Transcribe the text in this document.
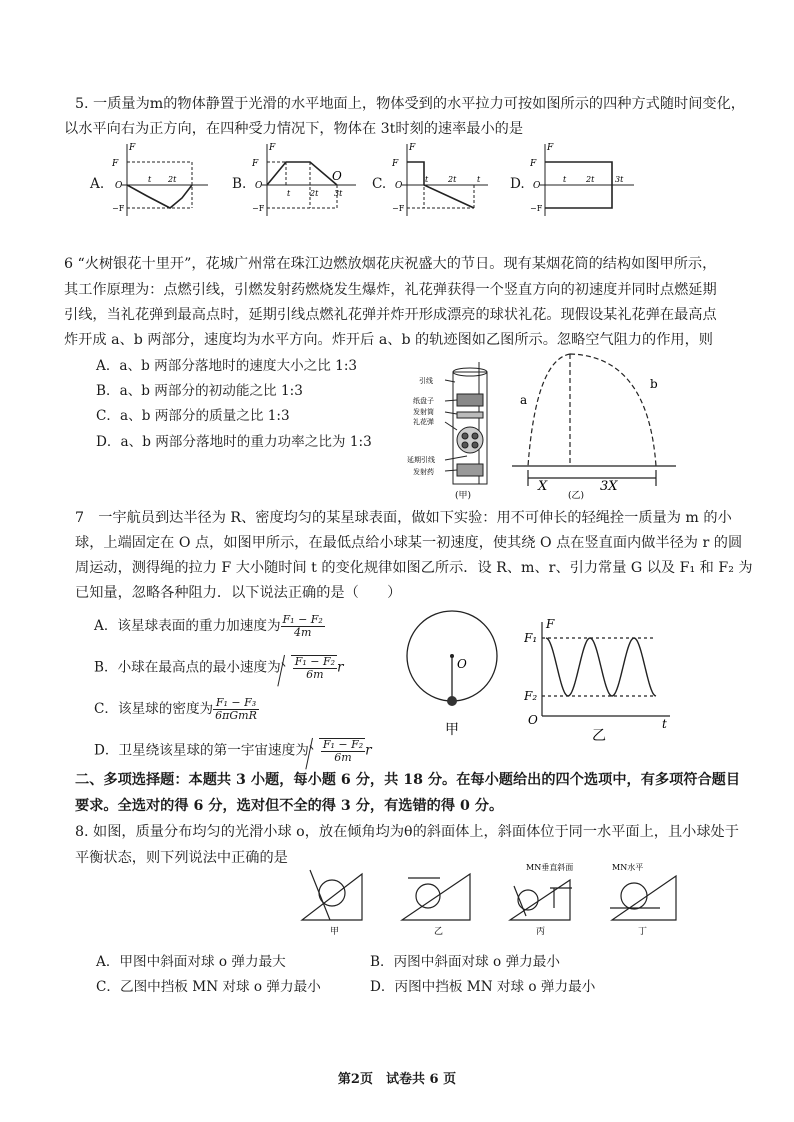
5. 一质量为m的物体静置于光滑的水平地面上，物体受到的水平拉力可按如图所示的四种方式随时间变化，
以水平向右为正方向，在四种受力情况下，物体在 3t时刻的速率最小的是
A.	B.	C.	D.
F
F
O
−F
t 2t
F
F
O
−F
t 2t 3t
O
F
F
O
−F
t 2t	t
F
F
O
−F
t 2t	3t
6 “火树银花十里开”，花城广州常在珠江边燃放烟花庆祝盛大的节日。现有某烟花筒的结构如图甲所示，
其工作原理为：点燃引线，引燃发射药燃烧发生爆炸，礼花弹获得一个竖直方向的初速度并同时点燃延期
引线，当礼花弹到最高点时，延期引线点燃礼花弹并炸开形成漂亮的球状礼花。现假设某礼花弹在最高点
炸开成 a、b 两部分，速度均为水平方向。炸开后 a、b 的轨迹图如乙图所示。忽略空气阻力的作用，则
A．a、b 两部分落地时的速度大小之比 1:3
B．a、b 两部分的初动能之比 1:3
C．a、b 两部分的质量之比 1:3
D．a、b 两部分落地时的重力功率之比为 1:3
引线
纸盘子
发射筒
礼花弹
延期引线
发射药
(甲)
a
b
X	3X
(乙)
7　一宇航员到达半径为 R、密度均匀的某星球表面，做如下实验：用不可伸长的轻绳拴一质量为 m 的小
球，上端固定在 O 点，如图甲所示，在最低点给小球某一初速度，使其绕 O 点在竖直面内做半径为 r 的圆
周运动，测得绳的拉力 F 大小随时间 t 的变化规律如图乙所示．设 R、m、r、引力常量 G 以及 F₁ 和 F₂ 为
已知量，忽略各种阻力．以下说法正确的是（　　）
A．该星球表面的重力加速度为 $\frac{\text{F₁ − F₂}}{4m}$
B．小球在最高点的最小速度为 $\frac{\text{F₁ − F₂}}{6m}$ r
C．该星球的密度为 $\frac{\text{F₁ − F₃}}{\text{6πGmR}}$
D．卫星绕该星球的第一宇宙速度为 $\frac{\text{F₁ − F₂}}{6m}$ r
O
甲
F
F₁
F₂
O	t
乙
二、多项选择题：本题共 3 小题，每小题 6 分，共 18 分。在每小题给出的四个选项中，有多项符合题目
要求。全选对的得 6 分，选对但不全的得 3 分，有选错的得 0 分。
8. 如图，质量分布均匀的光滑小球 o，放在倾角均为θ的斜面体上，斜面体位于同一水平面上，且小球处于
平衡状态，则下列说法中正确的是
MN垂直斜面	MN水平
甲	乙	丙	丁
A．甲图中斜面对球 o 弹力最大	B．丙图中斜面对球 o 弹力最小
C．乙图中挡板 MN 对球 o 弹力最小	D．丙图中挡板 MN 对球 o 弹力最小
第2页　试卷共 6 页
